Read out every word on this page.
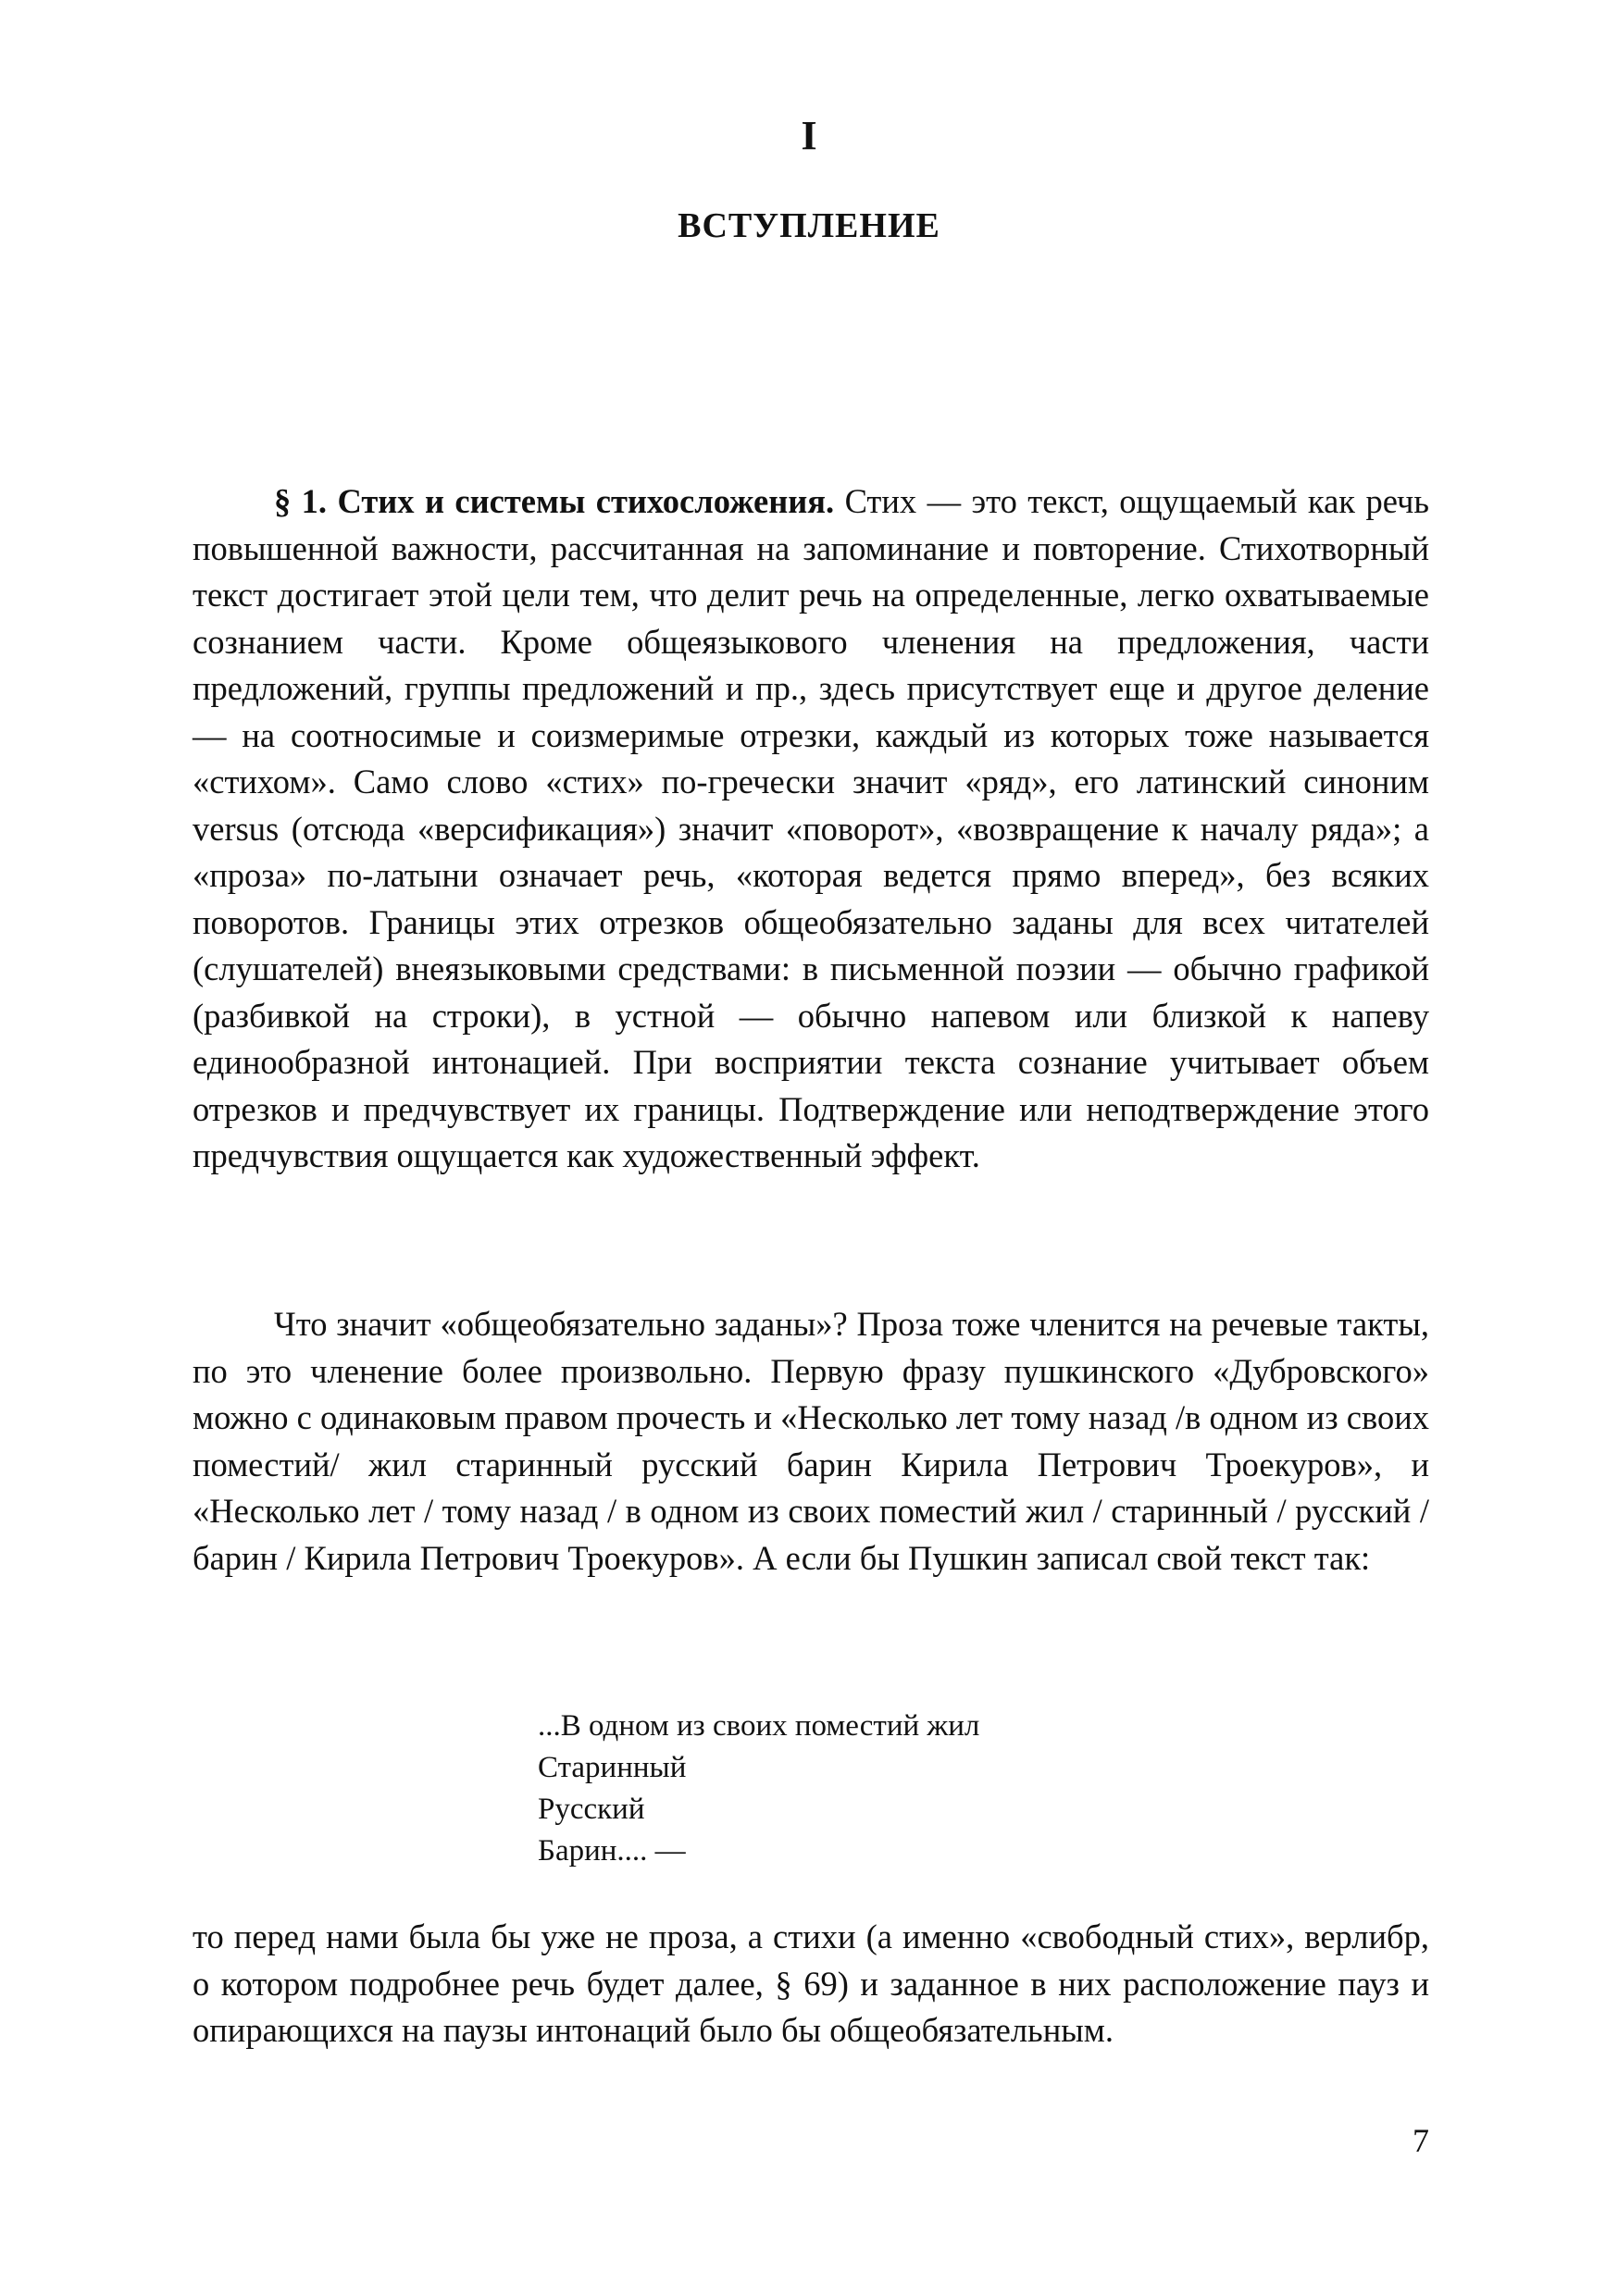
I
ВСТУПЛЕНИЕ

§ 1. Стих и системы стихосложения. Стих — это текст, ощущаемый как речь повышенной важности, рассчитанная на запоминание и повторение. Стихотворный текст достигает этой цели тем, что делит речь на определенные, легко охватываемые сознанием части. Кроме общеязыкового членения на предложения, части предложений, группы предложений и пр., здесь присутствует еще и другое деление — на соотносимые и соизмеримые отрезки, каждый из которых тоже называется «стихом». Само слово «стих» по-гречески значит «ряд», его латинский синоним versus (отсюда «версификация») значит «поворот», «возвращение к началу ряда»; а «проза» по-латыни означает речь, «которая ведется прямо вперед», без всяких поворотов. Границы этих отрезков общеобязательно заданы для всех читателей (слушателей) внеязыковыми средствами: в письменной поэзии — обычно графикой (разбивкой на строки), в устной — обычно напевом или близкой к напеву единообразной интонацией. При восприятии текста сознание учитывает объем отрезков и предчувствует их границы. Подтверждение или неподтверждение этого предчувствия ощущается как художественный эффект.

Что значит «общеобязательно заданы»? Проза тоже членится на речевые такты, по это членение более произвольно. Первую фразу пушкинского «Дубровского» можно с одинаковым правом прочесть и «Несколько лет тому назад /в одном из своих поместий/ жил старинный русский барин Кирила Петрович Троекуров», и «Несколько лет / тому назад / в одном из своих поместий жил / старинный / русский / барин / Кирила Петрович Троекуров». А если бы Пушкин записал свой текст так:

...В одном из своих поместий жил
Старинный
Русский
Барин.... —

то перед нами была бы уже не проза, а стихи (а именно «свободный стих», верлибр, о котором подробнее речь будет далее, § 69) и заданное в них расположение пауз и опирающихся на паузы интонаций было бы общеобязательным.

7
